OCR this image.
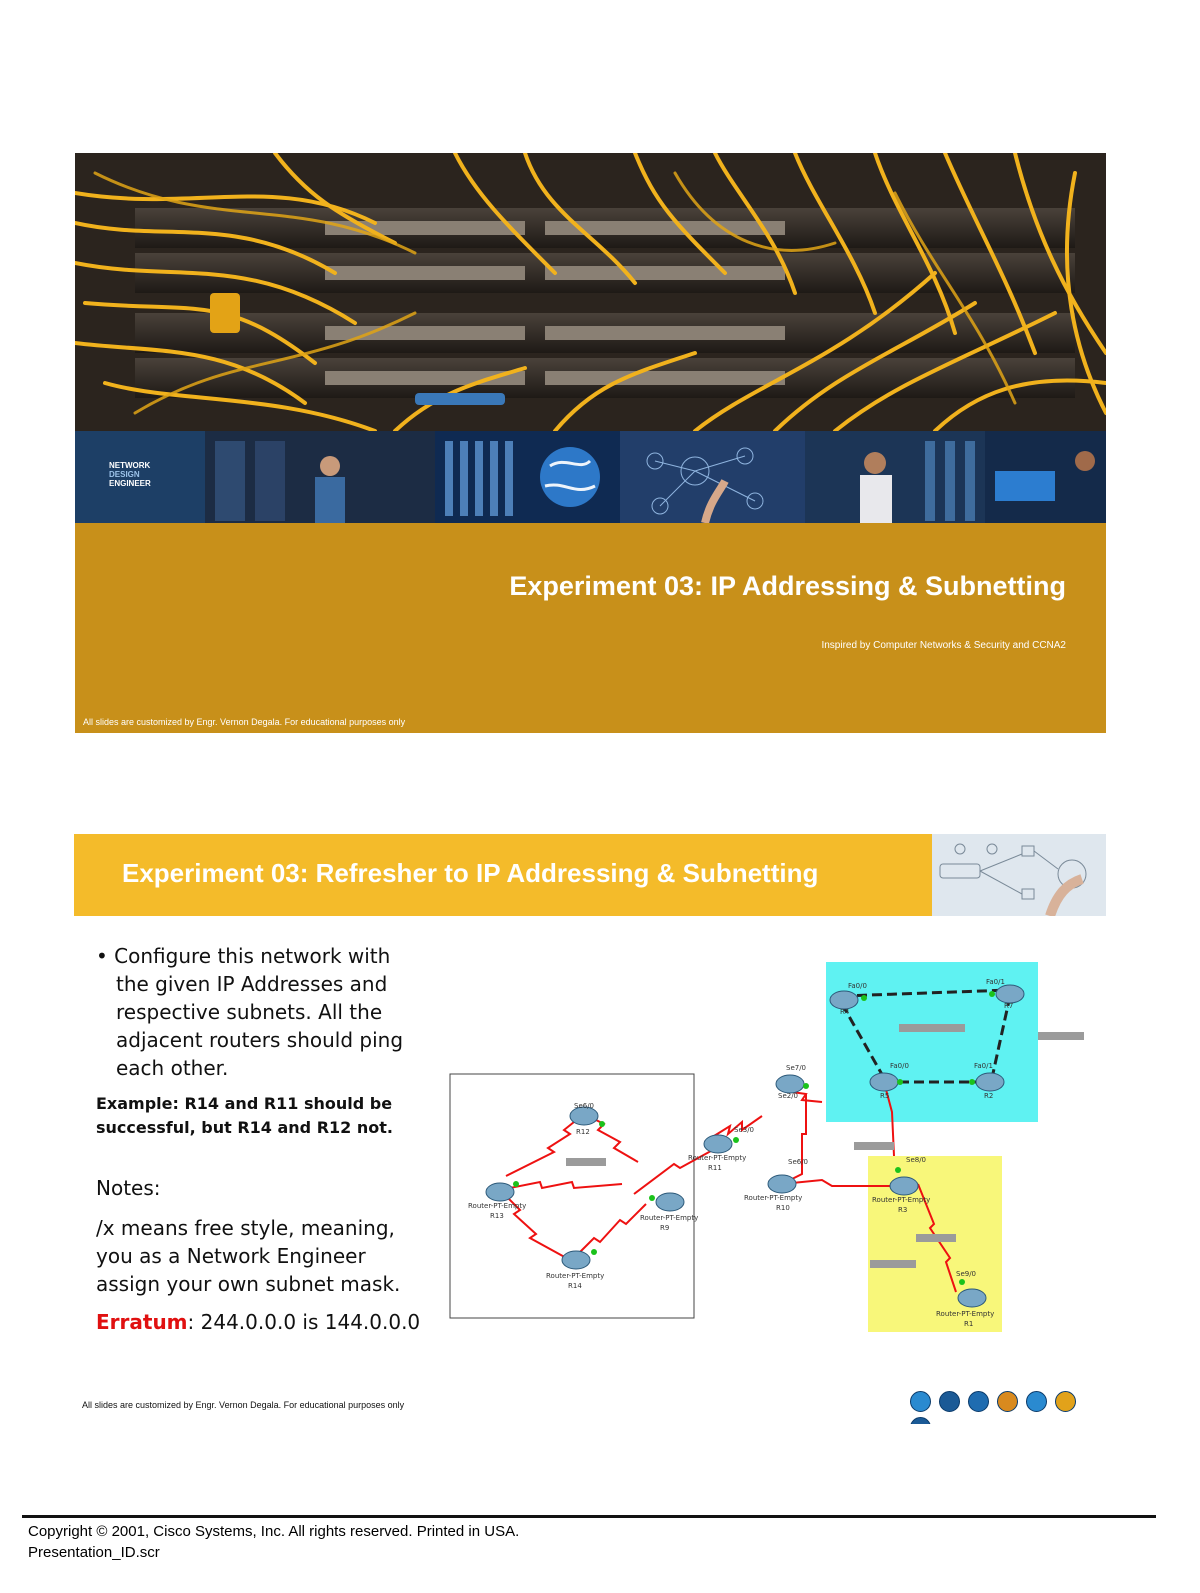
NETWORK
DESIGN
ENGINEER
Experiment 03: IP Addressing & Subnetting
Inspired by Computer Networks & Security and CCNA2
All slides are customized by Engr. Vernon Degala. For educational purposes only
Experiment 03: Refresher to IP Addressing & Subnetting
• Configure this network with the given IP Addresses and respective subnets. All the adjacent routers should ping each other.
Example: R14 and R11 should be successful, but R14 and R12 not.
Notes:
/x means free style, meaning, you as a Network Engineer assign your own subnet mask.
Erratum: 244.0.0.0 is 144.0.0.0
Fa0/0	Fa0/1
Fa0/0	Fa0/1
R4
R7
R5	R2
Se2/0
Se3/0
Router-PT-Empty
R11
Se6/0
R12
Router-PT-Empty
R13	Router-PT-Empty
R9
Router-PT-Empty
R14
Router-PT-Empty
R10
Router-PT-Empty
R3
Router-PT-Empty
R1
Se8/0
Se9/0
Se7/0
Se6/0
All slides are customized by Engr. Vernon Degala. For educational purposes only
Copyright © 2001, Cisco Systems, Inc. All rights reserved. Printed in USA.
Presentation_ID.scr
